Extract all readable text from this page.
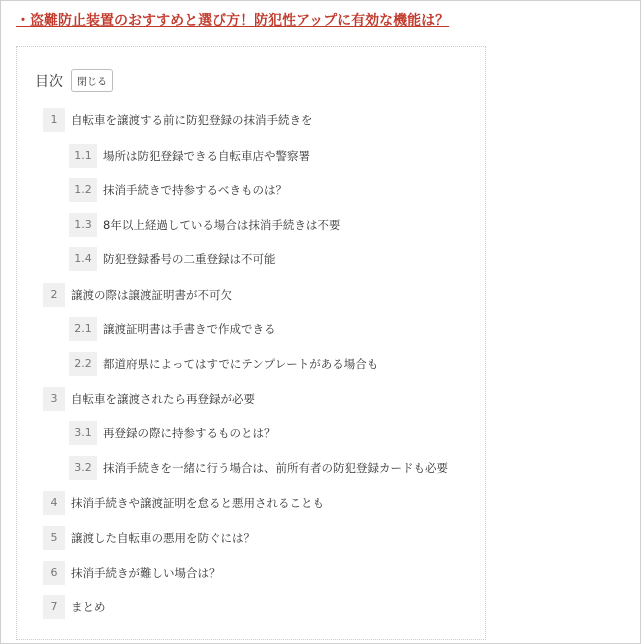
・盗難防止装置のおすすめと選び方！防犯性アップに有効な機能は？
目次	閉じる
1	自転車を譲渡する前に防犯登録の抹消手続きを
1.1 場所は防犯登録できる自転車店や警察署
1.2 抹消手続きで持参するべきものは？
1.3 8年以上経過している場合は抹消手続きは不要
1.4 防犯登録番号の二重登録は不可能
2	譲渡の際は譲渡証明書が不可欠
2.1 譲渡証明書は手書きで作成できる
2.2 都道府県によってはすでにテンプレートがある場合も
3	自転車を譲渡されたら再登録が必要
3.1 再登録の際に持参するものとは？
3.2 抹消手続きを一緒に行う場合は、前所有者の防犯登録カードも必要
4	抹消手続きや譲渡証明を怠ると悪用されることも
5	譲渡した自転車の悪用を防ぐには？
6	抹消手続きが難しい場合は？
7	まとめ
